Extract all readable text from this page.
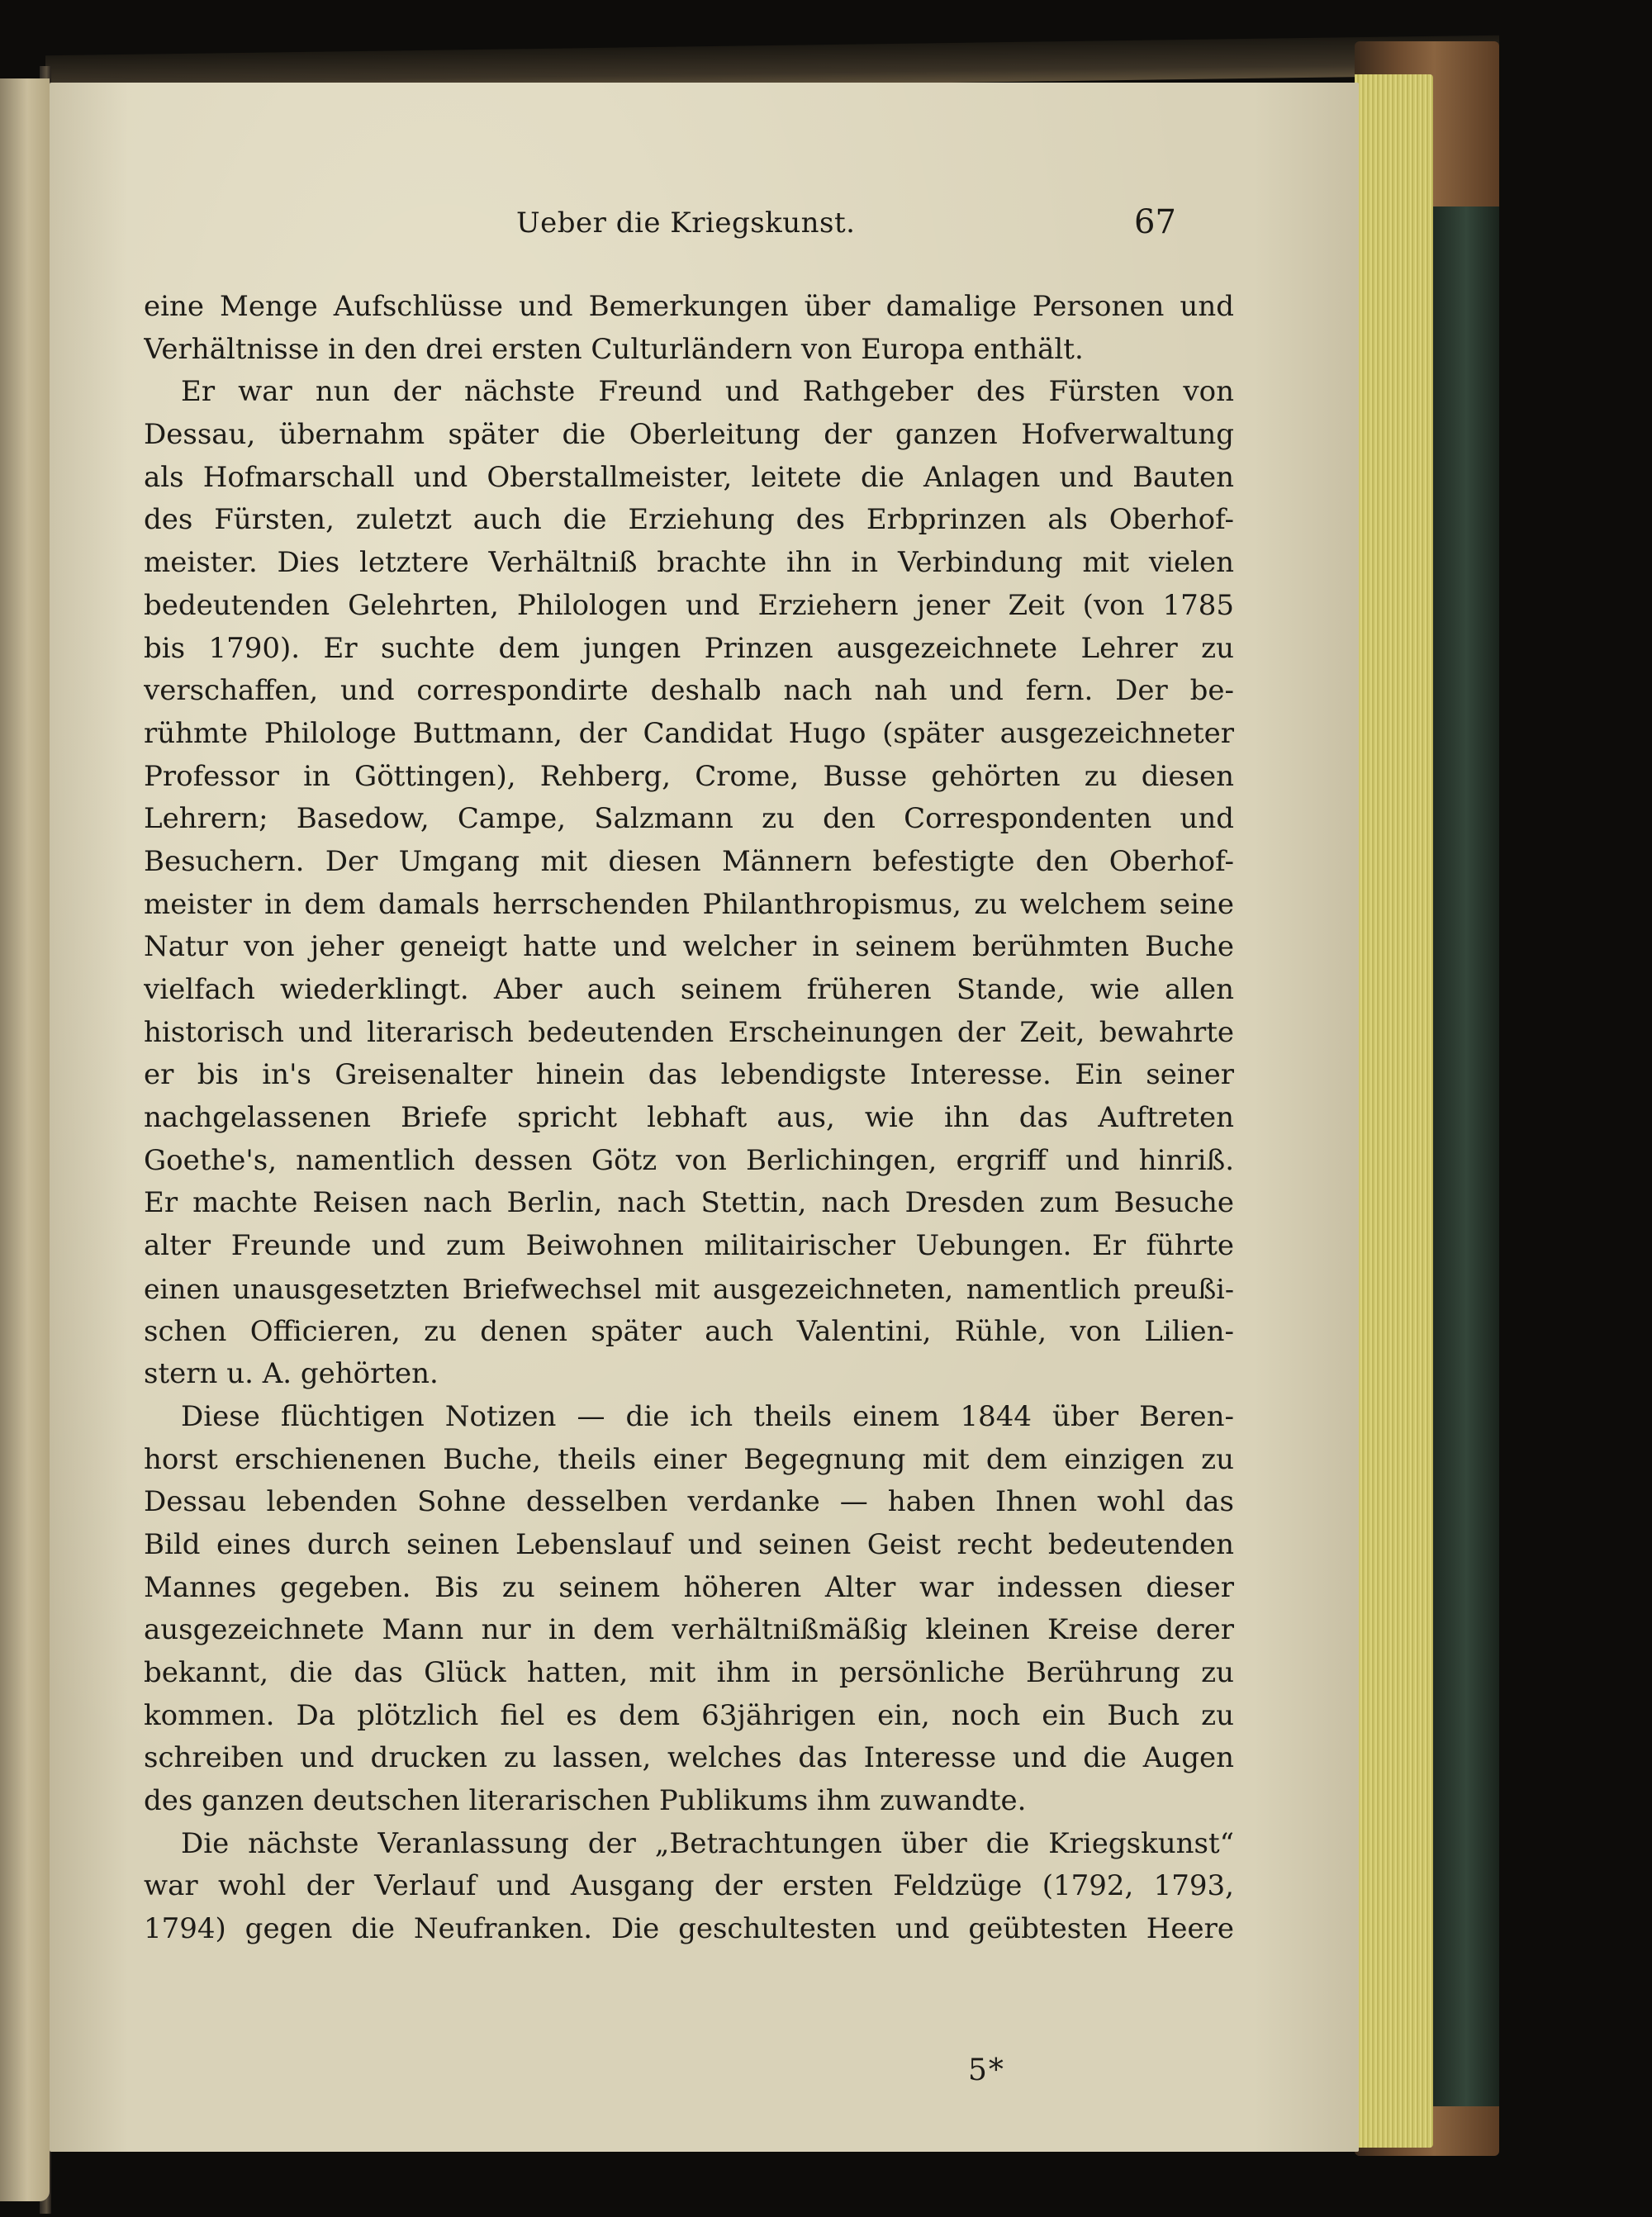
Ueber die Kriegskunst.	67
eine Menge Aufschlüsse und Bemerkungen über damalige Personen und
Verhältnisse in den drei ersten Culturländern von Europa enthält.
Er war nun der nächste Freund und Rathgeber des Fürsten von
Dessau, übernahm später die Oberleitung der ganzen Hofverwaltung
als Hofmarschall und Oberstallmeister, leitete die Anlagen und Bauten
des Fürsten, zuletzt auch die Erziehung des Erbprinzen als Oberhof-
meister. Dies letztere Verhältniß brachte ihn in Verbindung mit vielen
bedeutenden Gelehrten, Philologen und Erziehern jener Zeit (von 1785
bis 1790). Er suchte dem jungen Prinzen ausgezeichnete Lehrer zu
verschaffen, und correspondirte deshalb nach nah und fern. Der be-
rühmte Philologe Buttmann, der Candidat Hugo (später ausgezeichneter
Professor in Göttingen), Rehberg, Crome, Busse gehörten zu diesen
Lehrern; Basedow, Campe, Salzmann zu den Correspondenten und
Besuchern. Der Umgang mit diesen Männern befestigte den Oberhof-
meister in dem damals herrschenden Philanthropismus, zu welchem seine
Natur von jeher geneigt hatte und welcher in seinem berühmten Buche
vielfach wiederklingt. Aber auch seinem früheren Stande, wie allen
historisch und literarisch bedeutenden Erscheinungen der Zeit, bewahrte
er bis in's Greisenalter hinein das lebendigste Interesse. Ein seiner
nachgelassenen Briefe spricht lebhaft aus, wie ihn das Auftreten
Goethe's, namentlich dessen Götz von Berlichingen, ergriff und hinriß.
Er machte Reisen nach Berlin, nach Stettin, nach Dresden zum Besuche
alter Freunde und zum Beiwohnen militairischer Uebungen. Er führte
einen unausgesetzten Briefwechsel mit ausgezeichneten, namentlich preußi-
schen Officieren, zu denen später auch Valentini, Rühle, von Lilien-
stern u. A. gehörten.
Diese flüchtigen Notizen — die ich theils einem 1844 über Beren-
horst erschienenen Buche, theils einer Begegnung mit dem einzigen zu
Dessau lebenden Sohne desselben verdanke — haben Ihnen wohl das
Bild eines durch seinen Lebenslauf und seinen Geist recht bedeutenden
Mannes gegeben. Bis zu seinem höheren Alter war indessen dieser
ausgezeichnete Mann nur in dem verhältnißmäßig kleinen Kreise derer
bekannt, die das Glück hatten, mit ihm in persönliche Berührung zu
kommen. Da plötzlich fiel es dem 63jährigen ein, noch ein Buch zu
schreiben und drucken zu lassen, welches das Interesse und die Augen
des ganzen deutschen literarischen Publikums ihm zuwandte.
Die nächste Veranlassung der „Betrachtungen über die Kriegskunst“
war wohl der Verlauf und Ausgang der ersten Feldzüge (1792, 1793,
1794) gegen die Neufranken. Die geschultesten und geübtesten Heere
5*
